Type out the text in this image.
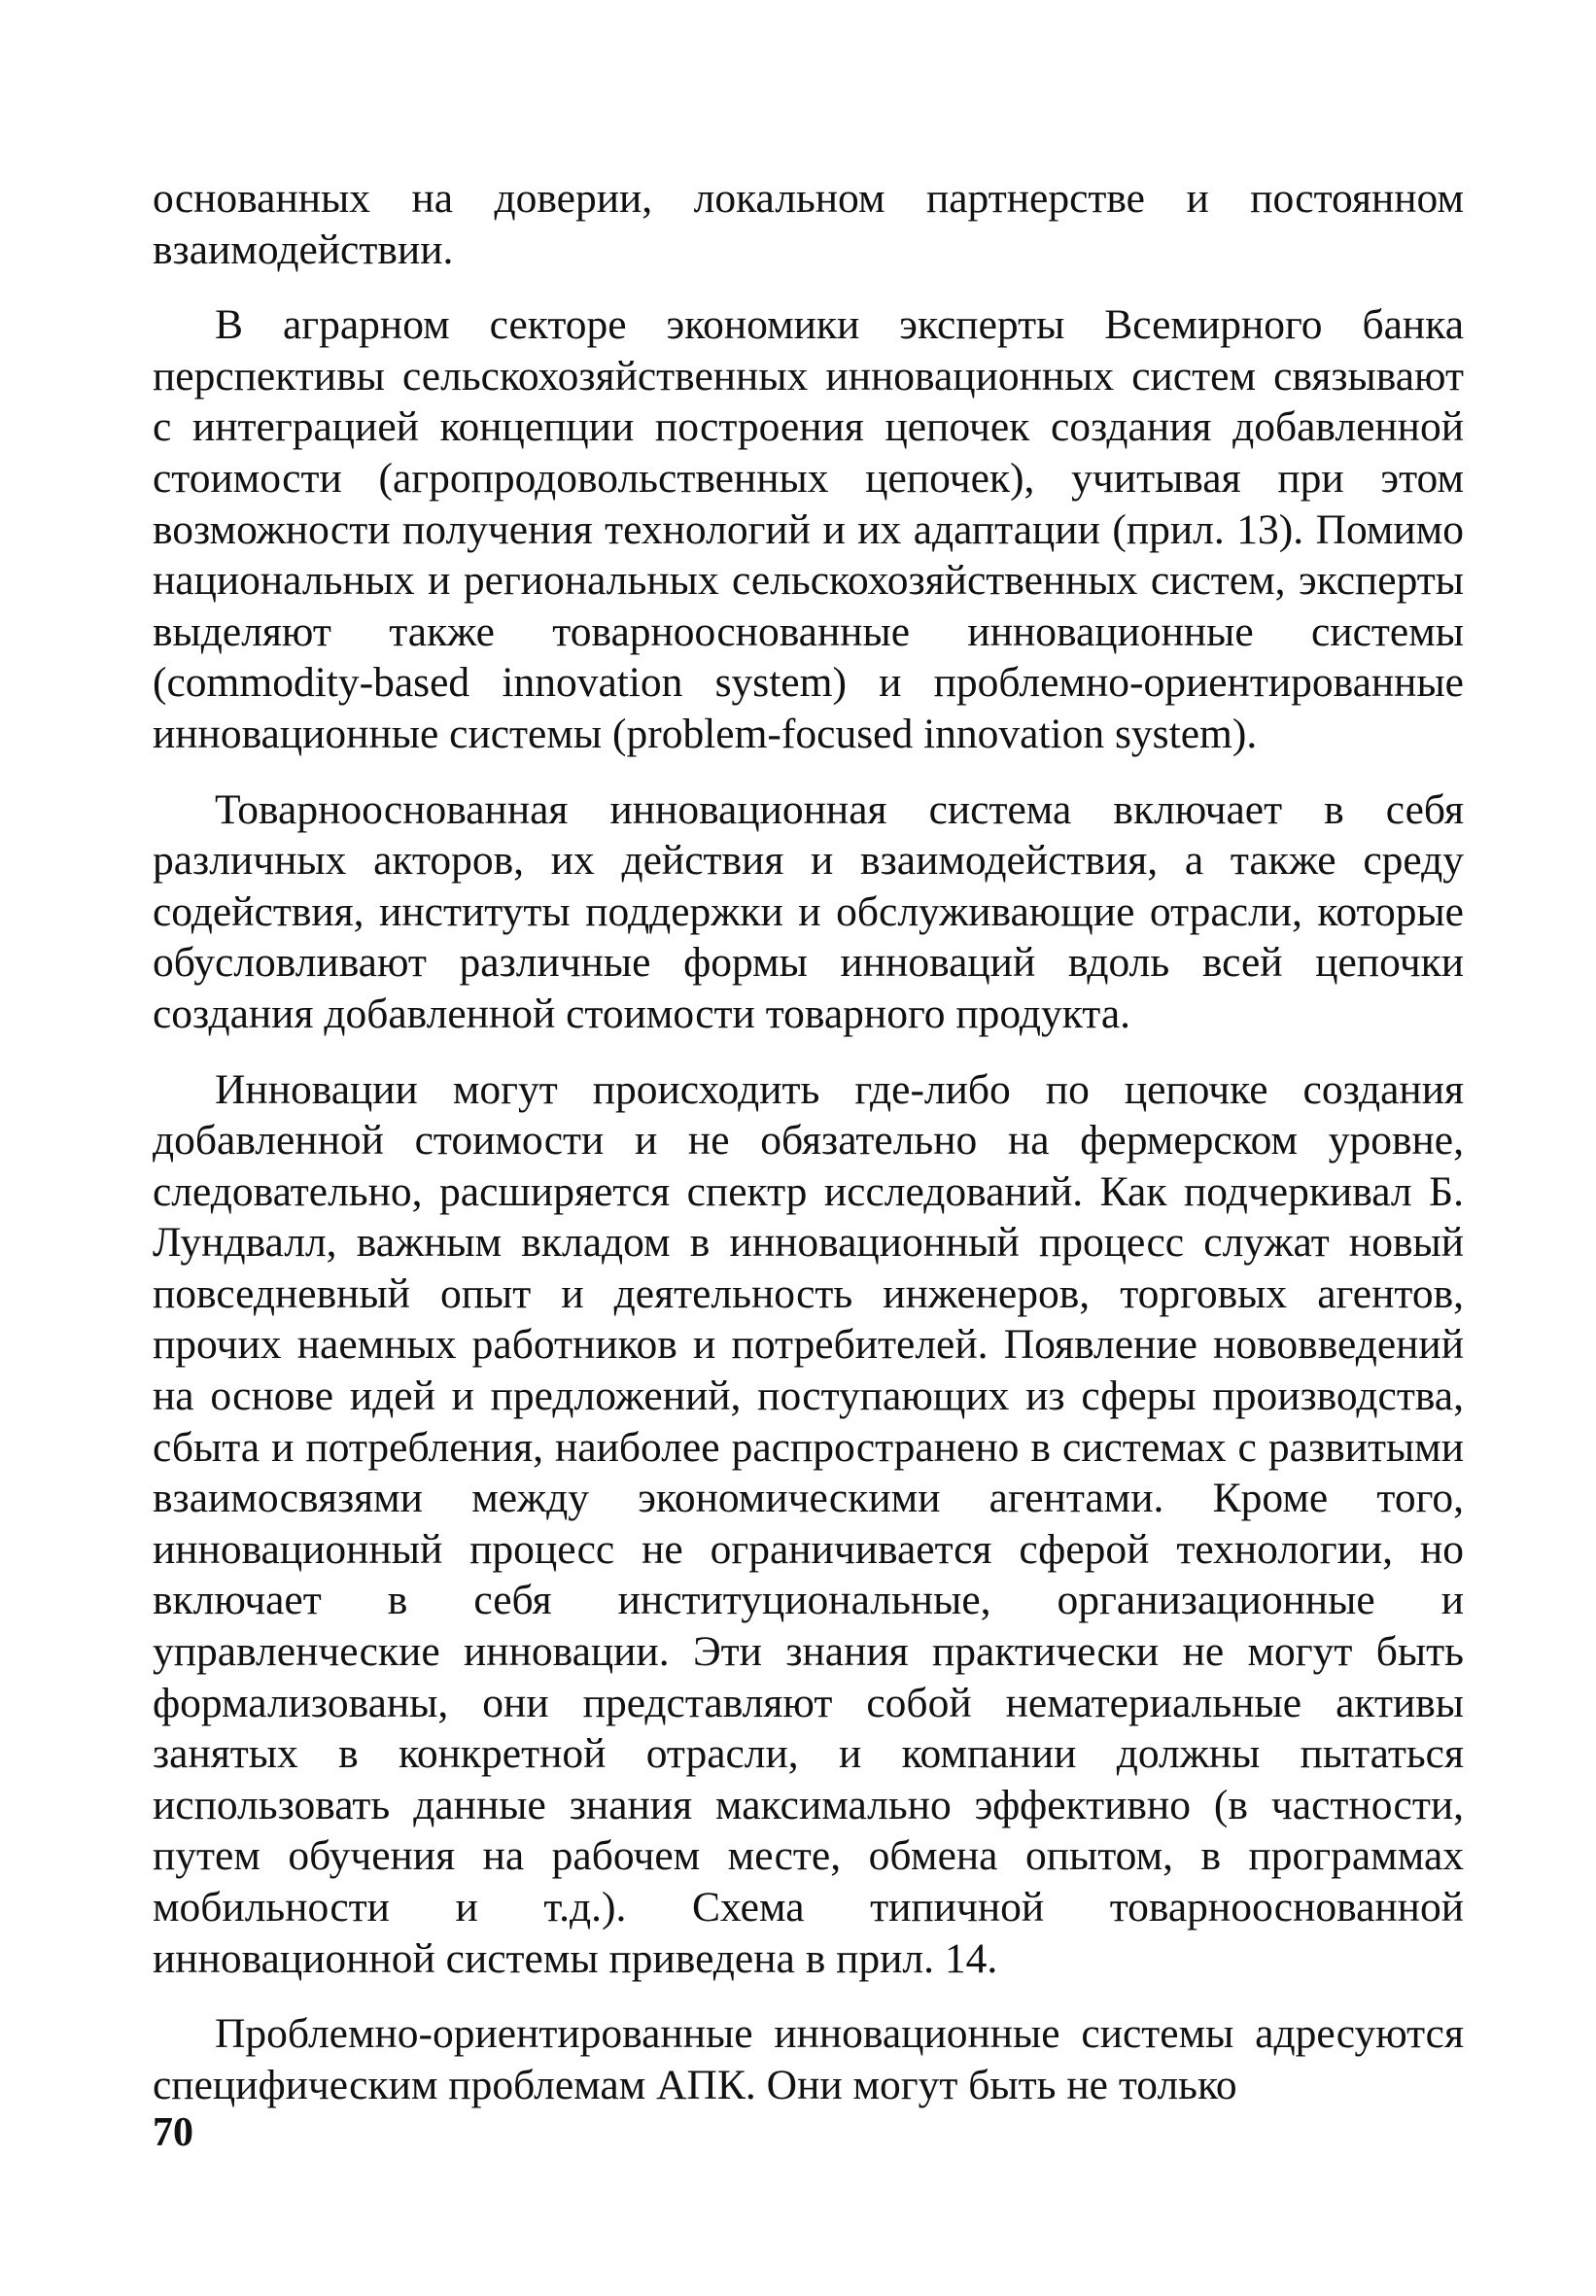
основанных на доверии, локальном партнерстве и постоянном взаимодействии.

В аграрном секторе экономики эксперты Всемирного банка перспективы сельскохозяйственных инновационных систем связывают с интеграцией концепции построения цепочек создания добавленной стоимости (агропродовольственных цепочек), учитывая при этом возможности получения технологий и их адаптации (прил. 13). Помимо национальных и региональных сельскохозяйственных систем, эксперты выделяют также товарнооснованные инновационные системы (commodity-based innovation system) и проблемно-ориентированные инновационные системы (problem-focused innovation system).

Товарнооснованная инновационная система включает в себя различных акторов, их действия и взаимодействия, а также среду содействия, институты поддержки и обслуживающие отрасли, которые обусловливают различные формы инноваций вдоль всей цепочки создания добавленной стоимости товарного продукта.

Инновации могут происходить где-либо по цепочке создания добавленной стоимости и не обязательно на фермерском уровне, следовательно, расширяется спектр исследований. Как подчеркивал Б. Лундвалл, важным вкладом в инновационный процесс служат новый повседневный опыт и деятельность инженеров, торговых агентов, прочих наемных работников и потребителей. Появление нововведений на основе идей и предложений, поступающих из сферы производства, сбыта и потребления, наиболее распространено в системах с развитыми взаимосвязями между экономическими агентами. Кроме того, инновационный процесс не ограничивается сферой технологии, но включает в себя институциональные, организационные и управленческие инновации. Эти знания практически не могут быть формализованы, они представляют собой нематериальные активы занятых в конкретной отрасли, и компании должны пытаться использовать данные знания максимально эффективно (в частности, путем обучения на рабочем месте, обмена опытом, в программах мобильности и т.д.). Схема типичной товарнооснованной инновационной системы приведена в прил. 14.

Проблемно-ориентированные инновационные системы адресуются специфическим проблемам АПК. Они могут быть не только

70
